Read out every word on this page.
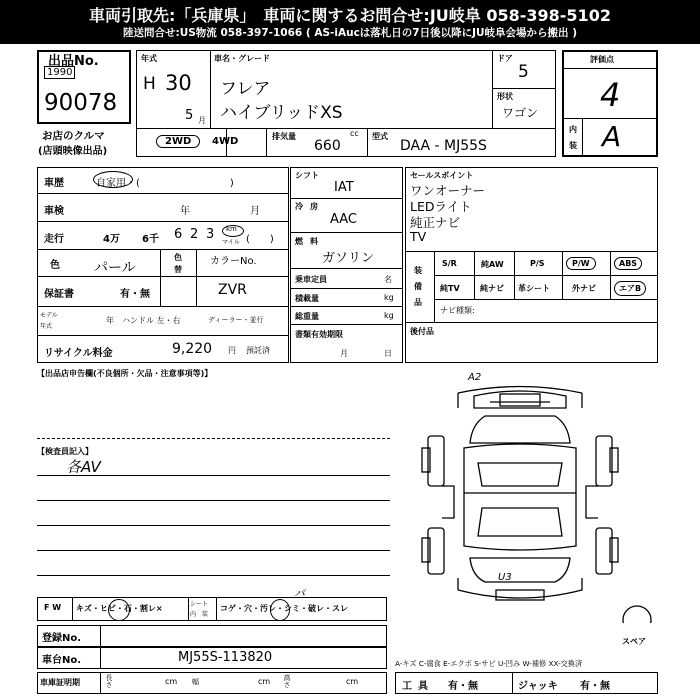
車両引取先:「兵庫県」　車両に関するお問合せ:JU岐阜 058-398-5102
陸送問合せ:US物流 058-397-1066 ( AS-iAucは落札日の7日後以降にJU岐阜会場から搬出 )
出品No.
1990
90078
お店のクルマ
(店頭映像出品)
年式
H 30
5 月
車名・グレード
フレア
ハイブリッドXS
ドア
5
形状
ワゴン
2WD	4WD	排気量	cc
660
型式
DAA - MJ55S
評価点
4
内
装 A
車歴	自家用・(　　　　　　　　　)
車検	年	月
走行	4万 6千 6 2 3 km
マイル (　　)
色 パール
色
替
カラーNo.
ZVR
保証書	有・無
モデル
年式
年 ハンドル 左・右	ディーラー・並行
リサイクル料金	9,220 円 預託済
シフト
IAT
冷 房
AAC
燃 料
ガソリン
乗車定員	名
積載量	kg
総重量	kg
書類有効期限
月	日
セールスポイント
ワンオーナー
LEDライト
純正ナビ
TV
装
備
品
S/R	純AW	P/S	P/W	ABS
純TV	純ナビ 革シート	外ナビ	エアB
ナビ種類:
後付品
【出品店申告欄(不良個所・欠品・注意事項等)】
【検査員記入】
各AV
A2
U3
F W キズ・ヒビ・石・割レ×	シート
内　装
コゲ・穴・汚レ・シミ・破レ・スレ
パ
登録No.
車台No.	MJ55S-113820
車庫証明期	長さ	cm 幅	cm 高さ	cm
スペア
A-キズ C-腐食 E-エクボ S-サビ U-凹み W-補修 XX-交換済
工具 有・無	ジャッキ 有・無
